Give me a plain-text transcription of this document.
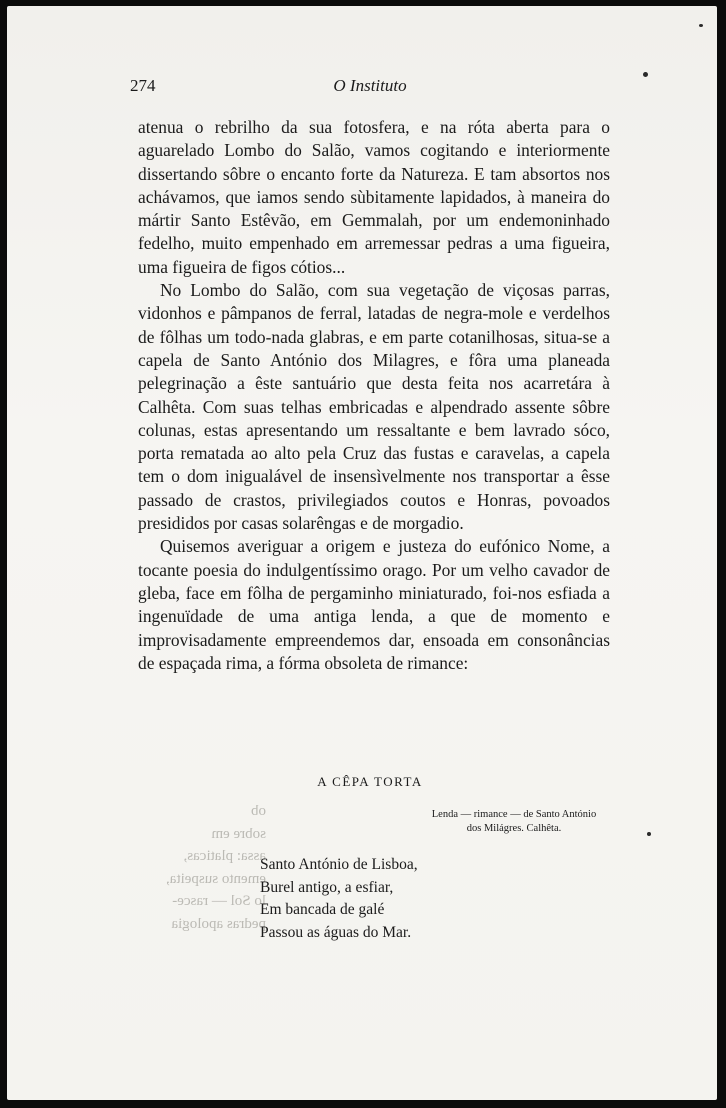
ob
sobre em
assa: platicas,
emento suspeita,
lo Sol — rasce-
pedras apologia
274	O Instituto

atenua o rebrilho da sua fotosfera, e na róta aberta para o aguarelado Lombo do Salão, vamos cogitando e interiormente dissertando sôbre o encanto forte da Natureza. E tam absortos nos achávamos, que iamos sendo sùbitamente lapidados, à maneira do mártir Santo Estêvão, em Gemmalah, por um endemoninhado fedelho, muito empenhado em arremessar pedras a uma figueira, uma figueira de figos cótios...

No Lombo do Salão, com sua vegetação de viçosas parras, vidonhos e pâmpanos de ferral, latadas de negra-mole e verdelhos de fôlhas um todo-nada glabras, e em parte cotanilhosas, situa-se a capela de Santo António dos Milagres, e fôra uma planeada pelegrinação a êste santuário que desta feita nos acarretára à Calhêta. Com suas telhas embricadas e alpendrado assente sôbre colunas, estas apresentando um ressaltante e bem lavrado sóco, porta rematada ao alto pela Cruz das fustas e caravelas, a capela tem o dom inigualável de insensìvelmente nos transportar a êsse passado de crastos, privilegiados coutos e Honras, povoados presididos por casas solarêngas e de morgadio.

Quisemos averiguar a origem e justeza do eufónico Nome, a tocante poesia do indulgentíssimo orago. Por um velho cavador de gleba, face em fôlha de pergaminho miniaturado, foi-nos esfiada a ingenuïdade de uma antiga lenda, a que de momento e improvisadamente empreendemos dar, ensoada em consonâncias de espaçada rima, a fórma obsoleta de rimance:

A CÊPA TORTA
Lenda — rimance — de Santo António
dos Milágres. Calhêta.
Santo António de Lisboa,
Burel antigo, a esfiar,
Em bancada de galé
Passou as águas do Mar.
